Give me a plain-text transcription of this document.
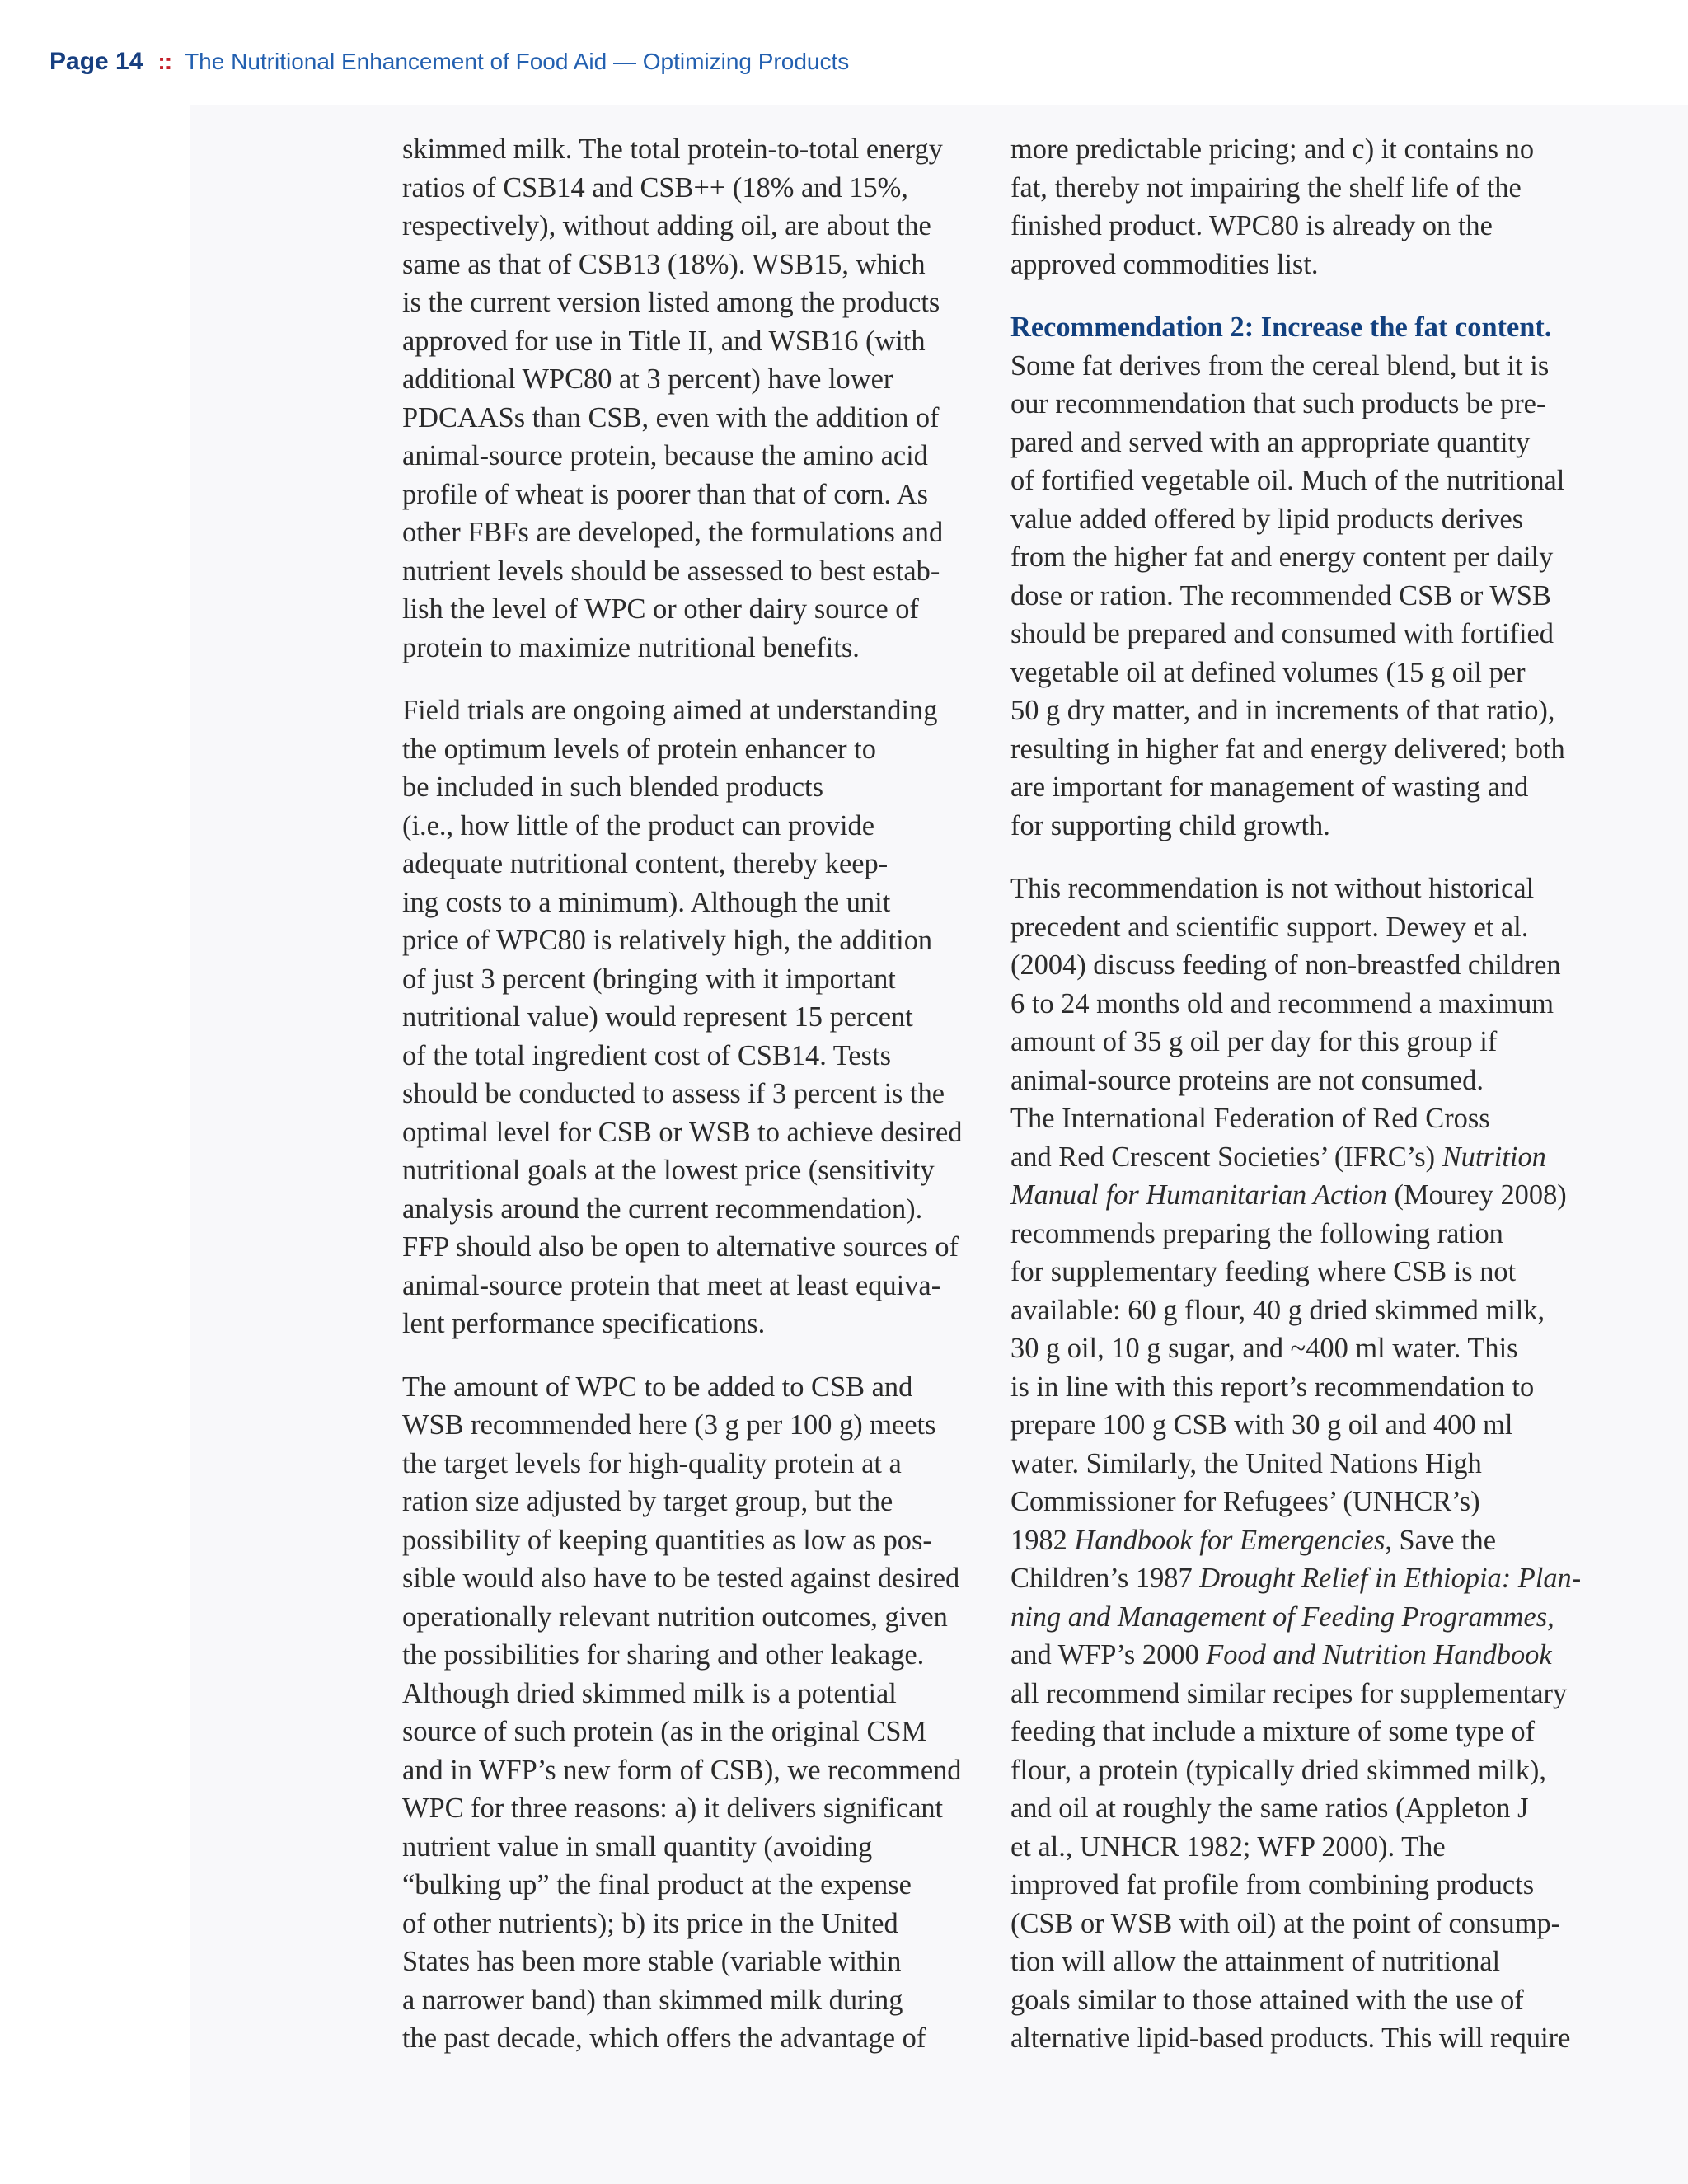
Page 14 :: The Nutritional Enhancement of Food Aid — Optimizing Products

skimmed milk. The total protein-to-total energy
ratios of CSB14 and CSB++ (18% and 15%,
respectively), without adding oil, are about the
same as that of CSB13 (18%). WSB15, which
is the current version listed among the products
approved for use in Title II, and WSB16 (with
additional WPC80 at 3 percent) have lower
PDCAASs than CSB, even with the addition of
animal-source protein, because the amino acid
profile of wheat is poorer than that of corn. As
other FBFs are developed, the formulations and
nutrient levels should be assessed to best estab-
lish the level of WPC or other dairy source of
protein to maximize nutritional benefits.

Field trials are ongoing aimed at understanding
the optimum levels of protein enhancer to
be included in such blended products
(i.e., how little of the product can provide
adequate nutritional content, thereby keep-
ing costs to a minimum). Although the unit
price of WPC80 is relatively high, the addition
of just 3 percent (bringing with it important
nutritional value) would represent 15 percent
of the total ingredient cost of CSB14. Tests
should be conducted to assess if 3 percent is the
optimal level for CSB or WSB to achieve desired
nutritional goals at the lowest price (sensitivity
analysis around the current recommendation).
FFP should also be open to alternative sources of
animal-source protein that meet at least equiva-
lent performance specifications.

The amount of WPC to be added to CSB and
WSB recommended here (3 g per 100 g) meets
the target levels for high-quality protein at a
ration size adjusted by target group, but the
possibility of keeping quantities as low as pos-
sible would also have to be tested against desired
operationally relevant nutrition outcomes, given
the possibilities for sharing and other leakage.
Although dried skimmed milk is a potential
source of such protein (as in the original CSM
and in WFP’s new form of CSB), we recommend
WPC for three reasons: a) it delivers significant
nutrient value in small quantity (avoiding
“bulking up” the final product at the expense
of other nutrients); b) its price in the United
States has been more stable (variable within
a narrower band) than skimmed milk during
the past decade, which offers the advantage of

more predictable pricing; and c) it contains no
fat, thereby not impairing the shelf life of the
finished product. WPC80 is already on the
approved commodities list.

Recommendation 2: Increase the fat content.
Some fat derives from the cereal blend, but it is
our recommendation that such products be pre-
pared and served with an appropriate quantity
of fortified vegetable oil. Much of the nutritional
value added offered by lipid products derives
from the higher fat and energy content per daily
dose or ration. The recommended CSB or WSB
should be prepared and consumed with fortified
vegetable oil at defined volumes (15 g oil per
50 g dry matter, and in increments of that ratio),
resulting in higher fat and energy delivered; both
are important for management of wasting and
for supporting child growth.

This recommendation is not without historical
precedent and scientific support. Dewey et al.
(2004) discuss feeding of non-breastfed children
6 to 24 months old and recommend a maximum
amount of 35 g oil per day for this group if
animal-source proteins are not consumed.
The International Federation of Red Cross
and Red Crescent Societies’ (IFRC’s) Nutrition
Manual for Humanitarian Action (Mourey 2008)
recommends preparing the following ration
for supplementary feeding where CSB is not
available: 60 g flour, 40 g dried skimmed milk,
30 g oil, 10 g sugar, and ~400 ml water. This
is in line with this report’s recommendation to
prepare 100 g CSB with 30 g oil and 400 ml
water. Similarly, the United Nations High
Commissioner for Refugees’ (UNHCR’s)
1982 Handbook for Emergencies, Save the
Children’s 1987 Drought Relief in Ethiopia: Plan-
ning and Management of Feeding Programmes,
and WFP’s 2000 Food and Nutrition Handbook
all recommend similar recipes for supplementary
feeding that include a mixture of some type of
flour, a protein (typically dried skimmed milk),
and oil at roughly the same ratios (Appleton J
et al., UNHCR 1982; WFP 2000). The
improved fat profile from combining products
(CSB or WSB with oil) at the point of consump-
tion will allow the attainment of nutritional
goals similar to those attained with the use of
alternative lipid-based products. This will require
